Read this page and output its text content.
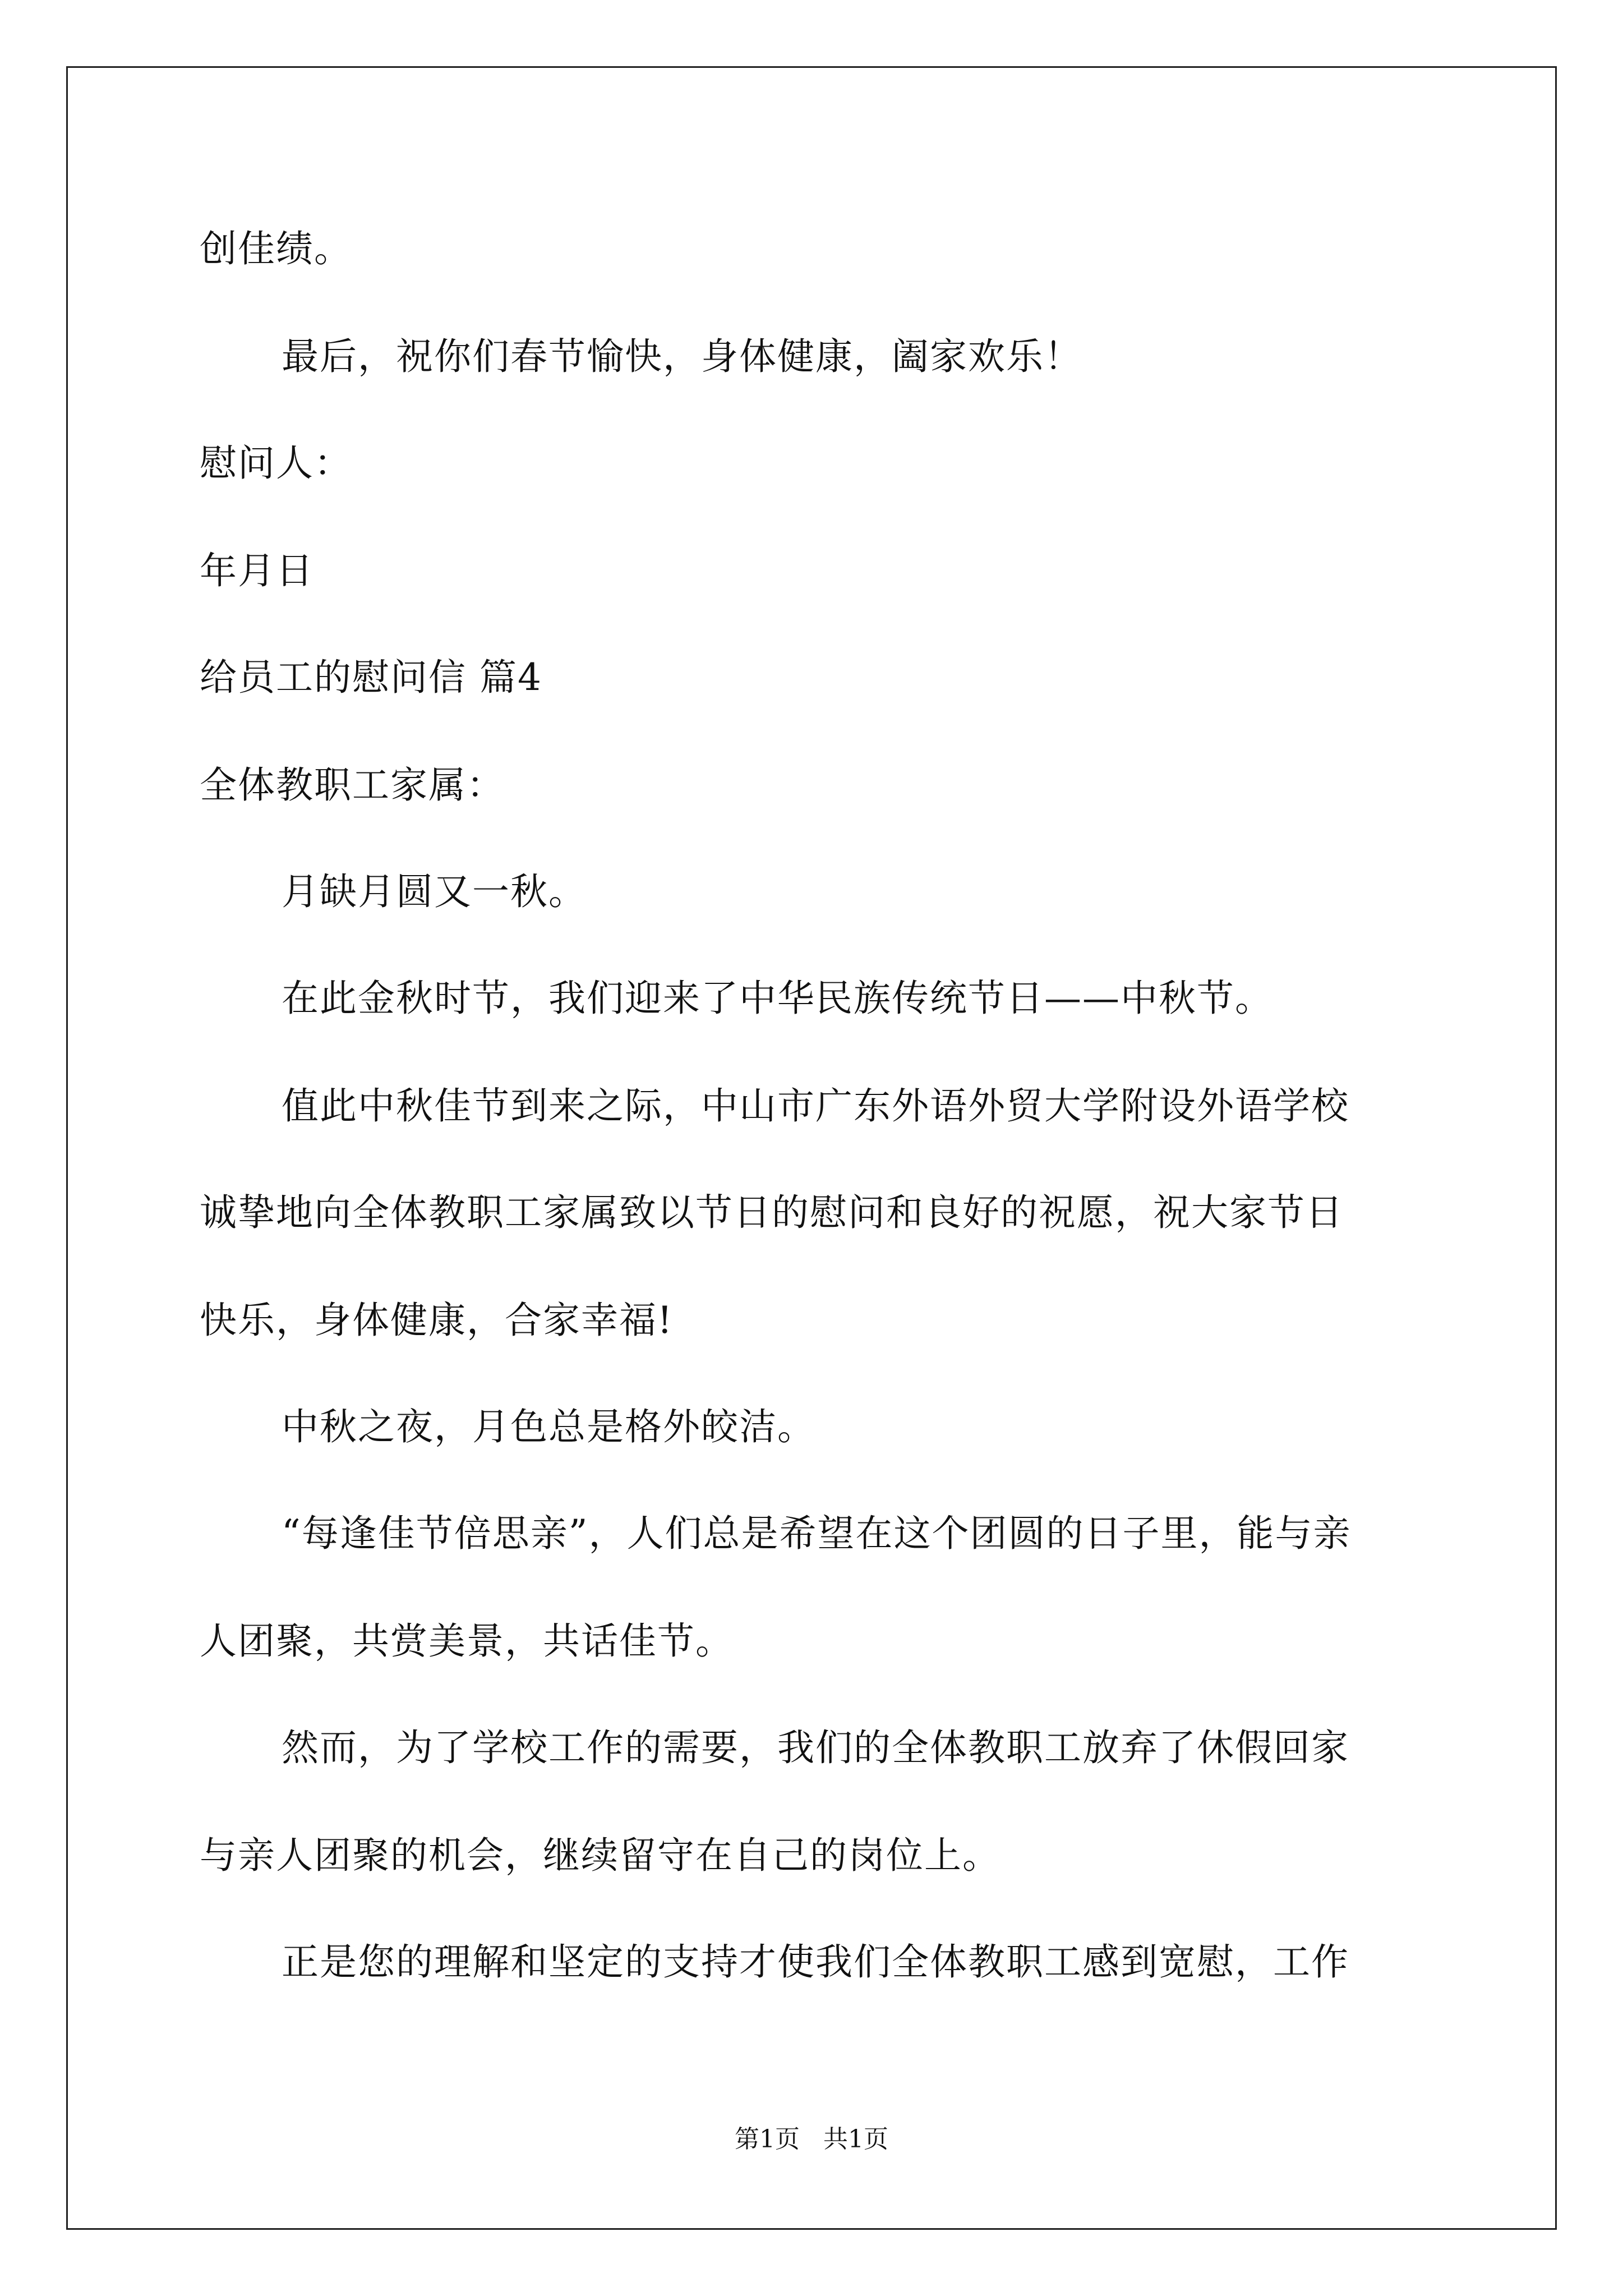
创佳绩。
最后，祝你们春节愉快，身体健康，阖家欢乐！
慰问人：
年月日
给员工的慰问信 篇4
全体教职工家属：
月缺月圆又一秋。
在此金秋时节，我们迎来了中华民族传统节日——中秋节。
值此中秋佳节到来之际，中山市广东外语外贸大学附设外语学校
诚挚地向全体教职工家属致以节日的慰问和良好的祝愿，祝大家节日
快乐，身体健康，合家幸福!
中秋之夜，月色总是格外皎洁。
“每逢佳节倍思亲”，人们总是希望在这个团圆的日子里，能与亲
人团聚，共赏美景，共话佳节。
然而，为了学校工作的需要，我们的全体教职工放弃了休假回家
与亲人团聚的机会，继续留守在自己的岗位上。
正是您的理解和坚定的支持才使我们全体教职工感到宽慰，工作
第1页   共1页
